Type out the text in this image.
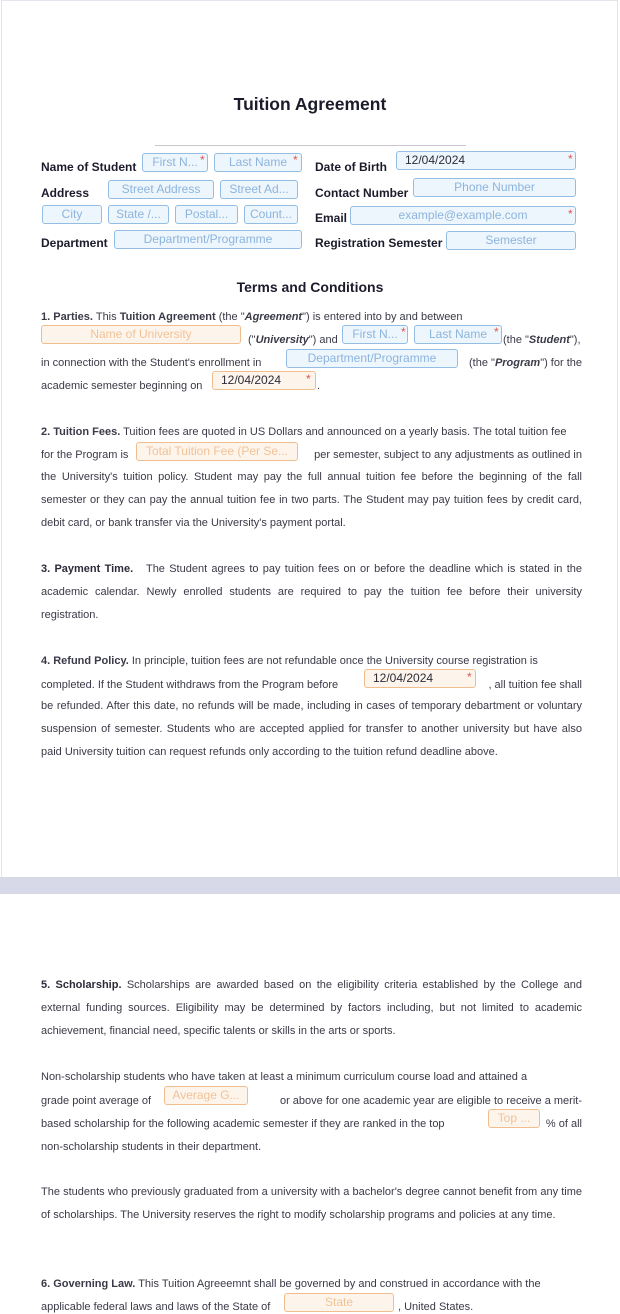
Tuition Agreement
Name of Student	First N... *	Last Name * Date of Birth	12/04/2024	*
Address	Street Address	Street Ad...	Contact Number	Phone Number
City	State /...	Postal...	Count...	Email	example@example.com	*
Department	Department/Programme	Registration Semester	Semester
Terms and Conditions
1. Parties. This Tuition Agreement (the "Agreement") is entered into by and between
Name of University	("University") and	First N... *	Last Name *
(the "Student"),
in connection with the Student's enrollment in	Department/Programme	(the "Program") for the
academic semester beginning on	12/04/2024	* .
2. Tuition Fees. Tuition fees are quoted in US Dollars and announced on a yearly basis. The total tuition fee
for the Program is	Total Tuition Fee (Per Se...	per semester, subject to any adjustments as outlined in
the University's tuition policy. Student may pay the full annual tuition fee before the beginning of the fall semester or they can pay the annual tuition fee in two parts. The Student may pay tuition fees by credit card, debit card, or bank transfer via the University's payment portal.
3. Payment Time. The Student agrees to pay tuition fees on or before the deadline which is stated in the academic calendar. Newly enrolled students are required to pay the tuition fee before their university registration.
4. Refund Policy. In principle, tuition fees are not refundable once the University course registration is
completed. If the Student withdraws from the Program before	12/04/2024	*
, all tuition fee shall
be refunded. After this date, no refunds will be made, including in cases of temporary debartment or voluntary suspension of semester. Students who are accepted applied for transfer to another university but have also paid University tuition can request refunds only according to the tuition refund deadline above.
5. Scholarship. Scholarships are awarded based on the eligibility criteria established by the College and external funding sources. Eligibility may be determined by factors including, but not limited to academic achievement, financial need, specific talents or skills in the arts or sports.
Non-scholarship students who have taken at least a minimum curriculum course load and attained a
grade point average of	Average G...	or above for one academic year are eligible to receive a merit-
based scholarship for the following academic semester if they are ranked in the top	Top ...	% of all
non-scholarship students in their department.
The students who previously graduated from a university with a bachelor's degree cannot benefit from any time of scholarships. The University reserves the right to modify scholarship programs and policies at any time.
6. Governing Law. This Tuition Agreeemnt shall be governed by and construed in accordance with the
applicable federal laws and laws of the State of	State	, United States.
